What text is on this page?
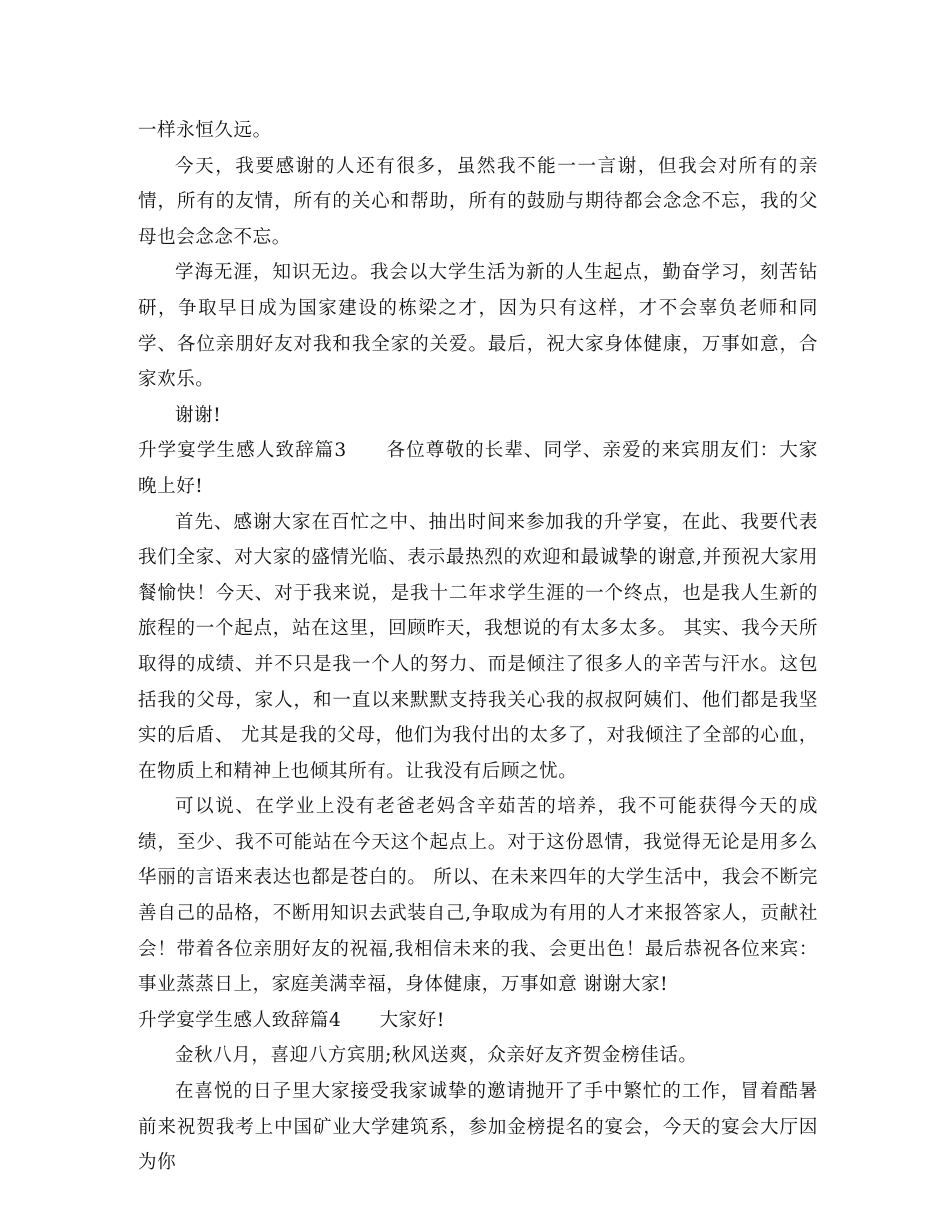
一样永恒久远。

今天，我要感谢的人还有很多，虽然我不能一一言谢，但我会对所有的亲情，所有的友情，所有的关心和帮助，所有的鼓励与期待都会念念不忘，我的父母也会念念不忘。

学海无涯，知识无边。我会以大学生活为新的人生起点，勤奋学习，刻苦钻研，争取早日成为国家建设的栋梁之才，因为只有这样，才不会辜负老师和同学、各位亲朋好友对我和我全家的关爱。最后，祝大家身体健康，万事如意，合家欢乐。

谢谢!

升学宴学生感人致辞篇3　　各位尊敬的长辈、同学、亲爱的来宾朋友们：大家晚上好!

首先、感谢大家在百忙之中、抽出时间来参加我的升学宴，在此、我要代表我们全家、对大家的盛情光临、表示最热烈的欢迎和最诚挚的谢意,并预祝大家用餐愉快！今天、对于我来说，是我十二年求学生涯的一个终点，也是我人生新的旅程的一个起点，站在这里，回顾昨天，我想说的有太多太多。 其实、我今天所取得的成绩、并不只是我一个人的努力、而是倾注了很多人的辛苦与汗水。这包括我的父母，家人，和一直以来默默支持我关心我的叔叔阿姨们、他们都是我坚实的后盾、 尤其是我的父母，他们为我付出的太多了，对我倾注了全部的心血，在物质上和精神上也倾其所有。让我没有后顾之忧。

可以说、在学业上没有老爸老妈含辛茹苦的培养，我不可能获得今天的成绩，至少、我不可能站在今天这个起点上。对于这份恩情，我觉得无论是用多么华丽的言语来表达也都是苍白的。 所以、在未来四年的大学生活中，我会不断完善自己的品格，不断用知识去武装自己,争取成为有用的人才来报答家人，贡献社会！带着各位亲朋好友的祝福,我相信未来的我、会更出色！最后恭祝各位来宾： 事业蒸蒸日上，家庭美满幸福，身体健康，万事如意 谢谢大家!

升学宴学生感人致辞篇4　　大家好!

金秋八月，喜迎八方宾朋;秋风送爽，众亲好友齐贺金榜佳话。

在喜悦的日子里大家接受我家诚挚的邀请抛开了手中繁忙的工作，冒着酷暑前来祝贺我考上中国矿业大学建筑系，参加金榜提名的宴会，今天的宴会大厅因为你
